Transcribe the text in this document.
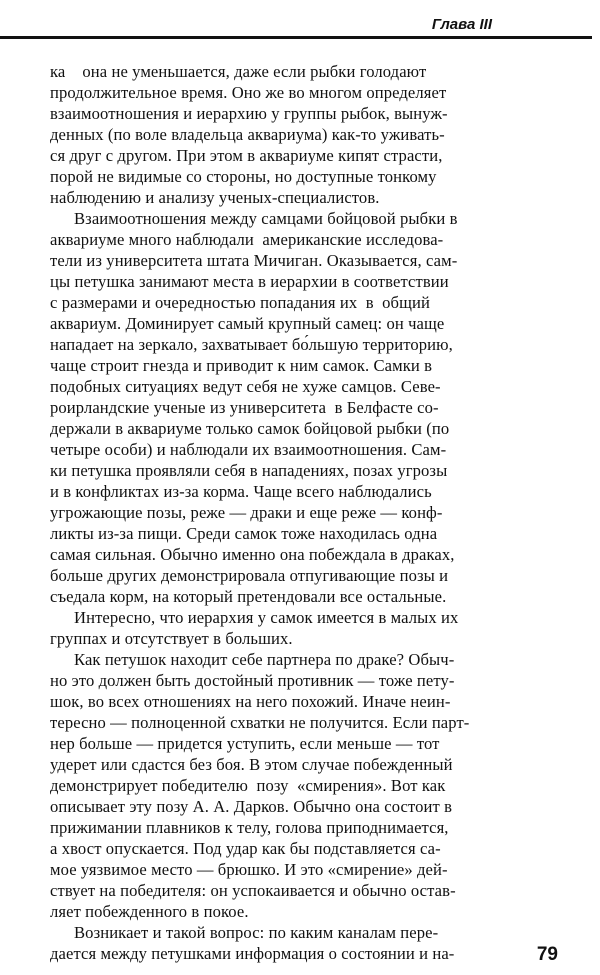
Глава III
ка    она не уменьшается, даже если рыбки голодают
продолжительное время. Оно же во многом определяет
взаимоотношения и иерархию у группы рыбок, вынуж-
денных (по воле владельца аквариума) как-то уживать-
ся друг с другом. При этом в аквариуме кипят страсти,
порой не видимые со стороны, но доступные тонкому
наблюдению и анализу ученых-специалистов.
Взаимоотношения между самцами бойцовой рыбки в
аквариуме много наблюдали  американские исследова-
тели из университета штата Мичиган. Оказывается, сам-
цы петушка занимают места в иерархии в соответствии
с размерами и очередностью попадания их  в  общий
аквариум. Доминирует самый крупный самец: он чаще
нападает на зеркало, захватывает бо́льшую территорию,
чаще строит гнезда и приводит к ним самок. Самки в
подобных ситуациях ведут себя не хуже самцов. Севе-
роирландские ученые из университета  в Белфасте со-
держали в аквариуме только самок бойцовой рыбки (по
четыре особи) и наблюдали их взаимоотношения. Сам-
ки петушка проявляли себя в нападениях, позах угрозы
и в конфликтах из-за корма. Чаще всего наблюдались
угрожающие позы, реже — драки и еще реже — конф-
ликты из-за пищи. Среди самок тоже находилась одна
самая сильная. Обычно именно она побеждала в драках,
больше других демонстрировала отпугивающие позы и
съедала корм, на который претендовали все остальные.
Интересно, что иерархия у самок имеется в малых их
группах и отсутствует в больших.
Как петушок находит себе партнера по драке? Обыч-
но это должен быть достойный противник — тоже пету-
шок, во всех отношениях на него похожий. Иначе неин-
тересно — полноценной схватки не получится. Если парт-
нер больше — придется уступить, если меньше — тот
удерет или сдастся без боя. В этом случае побежденный
демонстрирует победителю  позу  «смирения». Вот как
описывает эту позу А. А. Дарков. Обычно она состоит в
прижимании плавников к телу, голова приподнимается,
а хвост опускается. Под удар как бы подставляется са-
мое уязвимое место — брюшко. И это «смирение» дей-
ствует на победителя: он успокаивается и обычно остав-
ляет побежденного в покое.
Возникает и такой вопрос: по каким каналам пере-
дается между петушками информация о состоянии и на-	79
